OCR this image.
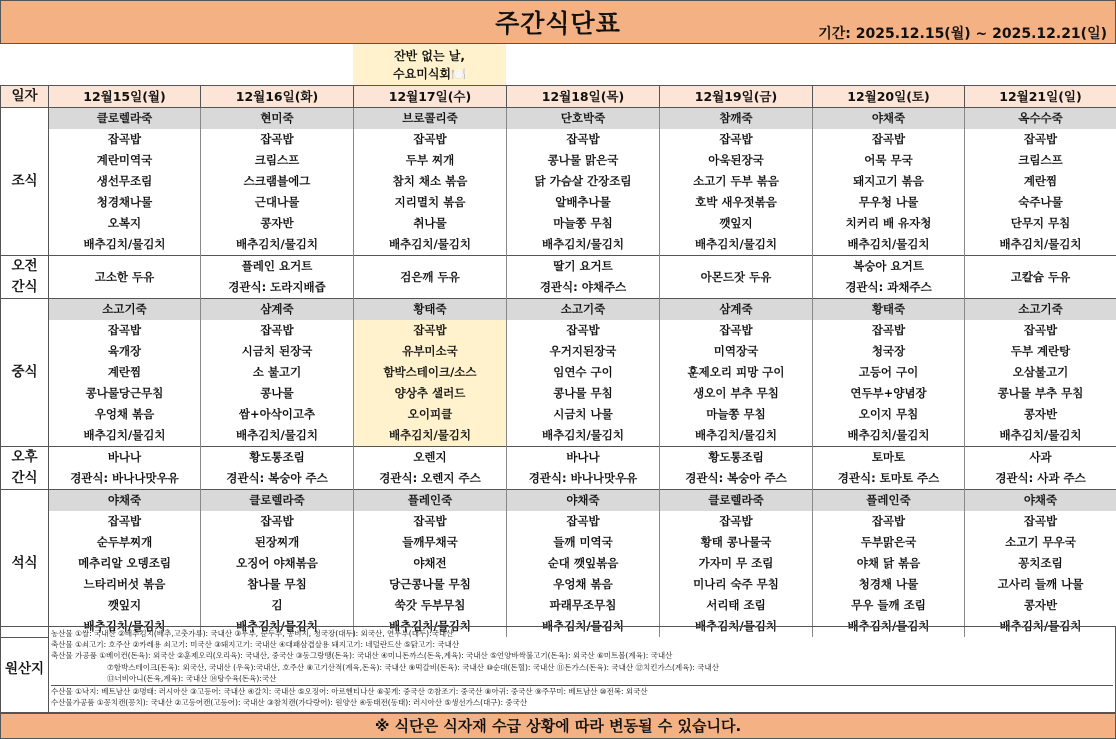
주간식단표	기간: 2025.12.15(월) ~ 2025.12.21(일)
잔반 없는 날,
수요미식회🍽️
일자	12월15일(월)	12월16일(화)	12월17일(수)	12월18일(목)	12월19일(금)	12월20일(토)	12월21일(일)
조식	클로렐라죽	현미죽	브로콜리죽	단호박죽	참깨죽	야채죽	옥수수죽
	잡곡밥	잡곡밥	잡곡밥	잡곡밥	잡곡밥	잡곡밥	잡곡밥
	계란미역국	크림스프	두부 찌개	콩나물 맑은국	아욱된장국	어묵 무국	크림스프
	생선무조림	스크램블에그	참치 채소 볶음	닭 가슴살 간장조림	소고기 두부 볶음	돼지고기 볶음	계란찜
	청경채나물	근대나물	지리멸치 볶음	알배추나물	호박 새우젓볶음	무우청 나물	숙주나물
	오복지	콩자반	취나물	마늘쫑 무침	깻잎지	치커리 배 유자청	단무지 무침
	배추김치/물김치	배추김치/물김치	배추김치/물김치	배추김치/물김치	배추김치/물김치	배추김치/물김치	배추김치/물김치

오전
간식	고소한 두유	플레인 요거트	검은깨 두유	딸기 요거트	아몬드잣 두유	복숭아 요거트	고칼슘 두유
		경관식: 도라지배즙		경관식: 야채주스		경관식: 과채주스	
중식	소고기죽	삼계죽	황태죽	소고기죽	삼계죽	황태죽	소고기죽
	잡곡밥	잡곡밥	잡곡밥	잡곡밥	잡곡밥	잡곡밥	잡곡밥
	육개장	시금치 된장국	유부미소국	우거지된장국	미역장국	청국장	두부 계란탕
	계란찜	소 불고기	함박스테이크/소스	임연수 구이	훈제오리 피망 구이	고등어 구이	오삼불고기
	콩나물당근무침	콩나물	양상추 샐러드	콩나물 무침	생오이 부추 무침	연두부+양념장	콩나물 부추 무침
	우엉채 볶음	쌈+아삭이고추	오이피클	시금치 나물	마늘쫑 무침	오이지 무침	콩자반
	배추김치/물김치	배추김치/물김치	배추김치/물김치	배추김치/물김치	배추김치/물김치	배추김치/물김치	배추김치/물김치

오후
간식	바나나	황도통조림	오렌지	바나나	황도통조림	토마토	사과
	경관식: 바나나맛우유	경관식: 복숭아 주스	경관식: 오렌지 주스	경관식: 바나나맛우유	경관식: 복숭아 주스	경관식: 토마토 주스	경관식: 사과 주스
석식	야채죽	클로렐라죽	플레인죽	야채죽	클로렐라죽	플레인죽	야채죽
	잡곡밥	잡곡밥	잡곡밥	잡곡밥	잡곡밥	잡곡밥	잡곡밥
	순두부찌개	된장찌개	들깨무채국	들깨 미역국	황태 콩나물국	두부맑은국	소고기 무우국
	메추리알 오뎅조림	오징어 야채볶음	야채전	순대 깻잎볶음	가자미 무 조림	야채 닭 볶음	꽁치조림
	느타리버섯 볶음	참나물 무침	당근콩나물 무침	우엉채 볶음	미나리 숙주 무침	청경채 나물	고사리 들깨 나물
	깻잎지	김	쑥갓 두부무침	파래무조무침	서리태 조림	무우 들깨 조림	콩자반
	배추김치/물김치	배추김치/물김치	배추김치/물김치	배추김치/물김치	배추김치/물김치	배추김치/물김치	배추김치/물김치
원산지
농산물 ①쌀: 국내산 ②배추김치(배추,고춧가루): 국내산 ③두부, 순두부, 콩비지, 청국장(대두): 외국산, 연두부(대두):국내산
축산물 ①쇠고기: 호주산 ②카레용 쇠고기: 미국산 ③돼지고기: 국내산 ④대패삼겹살용 돼지고기: 네덜란드산 ⑤닭고기: 국내산
축산물 가공품 ①베이컨(돈육): 외국산 ②훈제오리(오리육): 국내산, 중국산 ③동그랑땡(돈육): 국내산 ④미니돈까스(돈육,계육): 국내산 ⑤언양바싹불고기(돈육): 외국산 ⑥미트볼(계육): 국내산
⑦함박스테이크(돈육): 외국산, 국내산 (우육):국내산, 호주산 ⑧고기산적(계육,돈육): 국내산 ⑨떡갈비(돈육): 국내산 ⑩순대(돈혈): 국내산 ⑪돈가스(돈육): 국내산 ⑫치킨가스(계육): 국내산
⑬너비아니(돈육,계육): 국내산 ⑭탕수육(돈육):국산
수산물 ①낙지: 베트남산 ②명태: 러시아산 ③고등어: 국내산 ④갈치: 국내산 ⑤오징어: 아르헨티나산 ⑥꽃게: 중국산 ⑦참조기: 중국산 ⑧아귀: 중국산 ⑨주꾸미: 베트남산 ⑩전복: 외국산
수산물가공품 ①꽁치캔(꽁치): 국내산 ②고등어캔(고등어): 국내산 ③참치캔(가다랑어): 원양산 ④동태전(동태): 러시아산 ⑤생선가스(대구): 중국산
※ 식단은 식자재 수급 상황에 따라 변동될 수 있습니다.
